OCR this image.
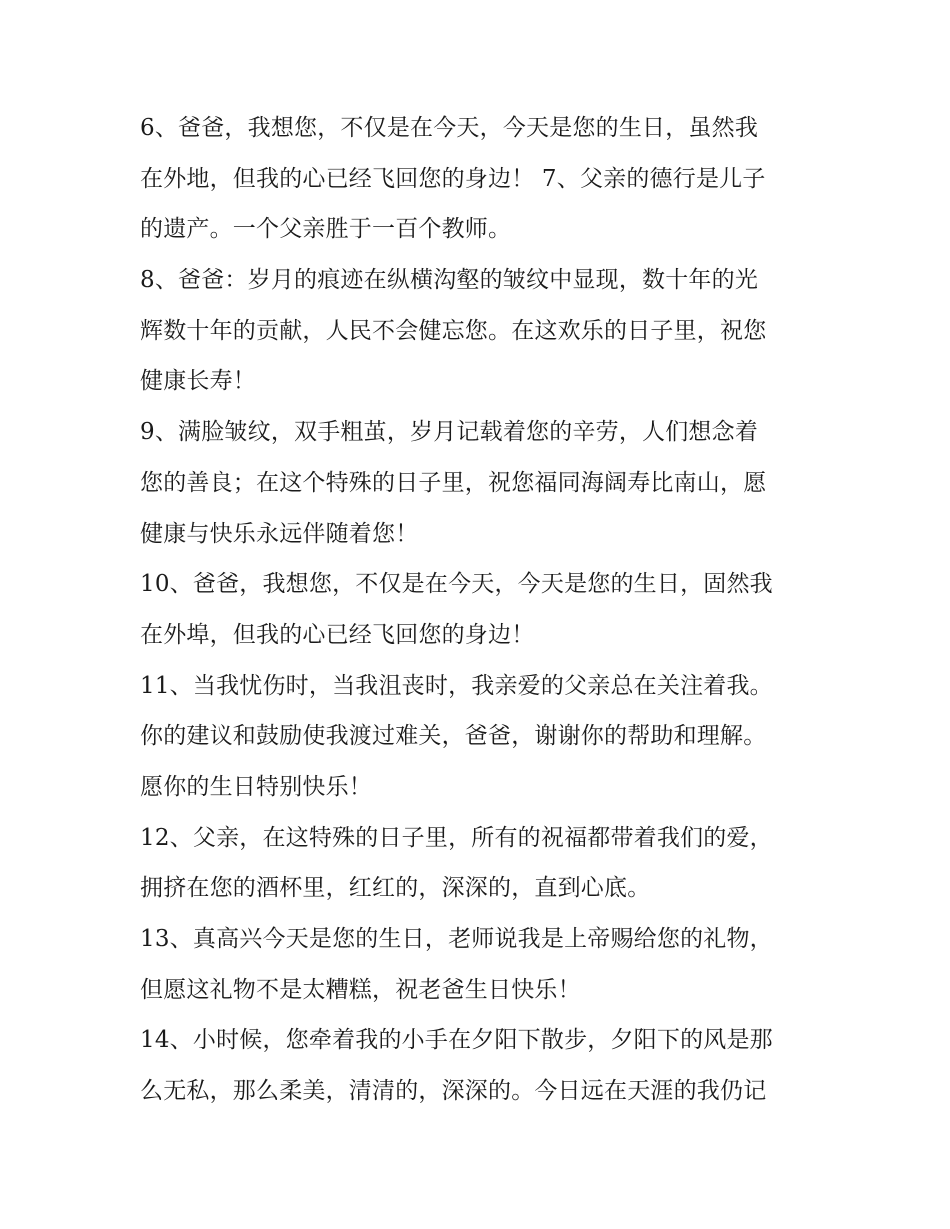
6、爸爸，我想您，不仅是在今天，今天是您的生日，虽然我
在外地，但我的心已经飞回您的身边！ 7、父亲的德行是儿子
的遗产。一个父亲胜于一百个教师。
8、爸爸：岁月的痕迹在纵横沟壑的皱纹中显现，数十年的光
辉数十年的贡献，人民不会健忘您。在这欢乐的日子里，祝您
健康长寿！
9、满脸皱纹，双手粗茧，岁月记载着您的辛劳，人们想念着
您的善良；在这个特殊的日子里，祝您福同海阔寿比南山，愿
健康与快乐永远伴随着您！
10、爸爸，我想您，不仅是在今天，今天是您的生日，固然我
在外埠，但我的心已经飞回您的身边！
11、当我忧伤时，当我沮丧时，我亲爱的父亲总在关注着我。
你的建议和鼓励使我渡过难关，爸爸，谢谢你的帮助和理解。
愿你的生日特别快乐！
12、父亲，在这特殊的日子里，所有的祝福都带着我们的爱，
拥挤在您的酒杯里，红红的，深深的，直到心底。
13、真高兴今天是您的生日，老师说我是上帝赐给您的礼物，
但愿这礼物不是太糟糕，祝老爸生日快乐！
14、小时候，您牵着我的小手在夕阳下散步，夕阳下的风是那
么无私，那么柔美，清清的，深深的。今日远在天涯的我仍记
